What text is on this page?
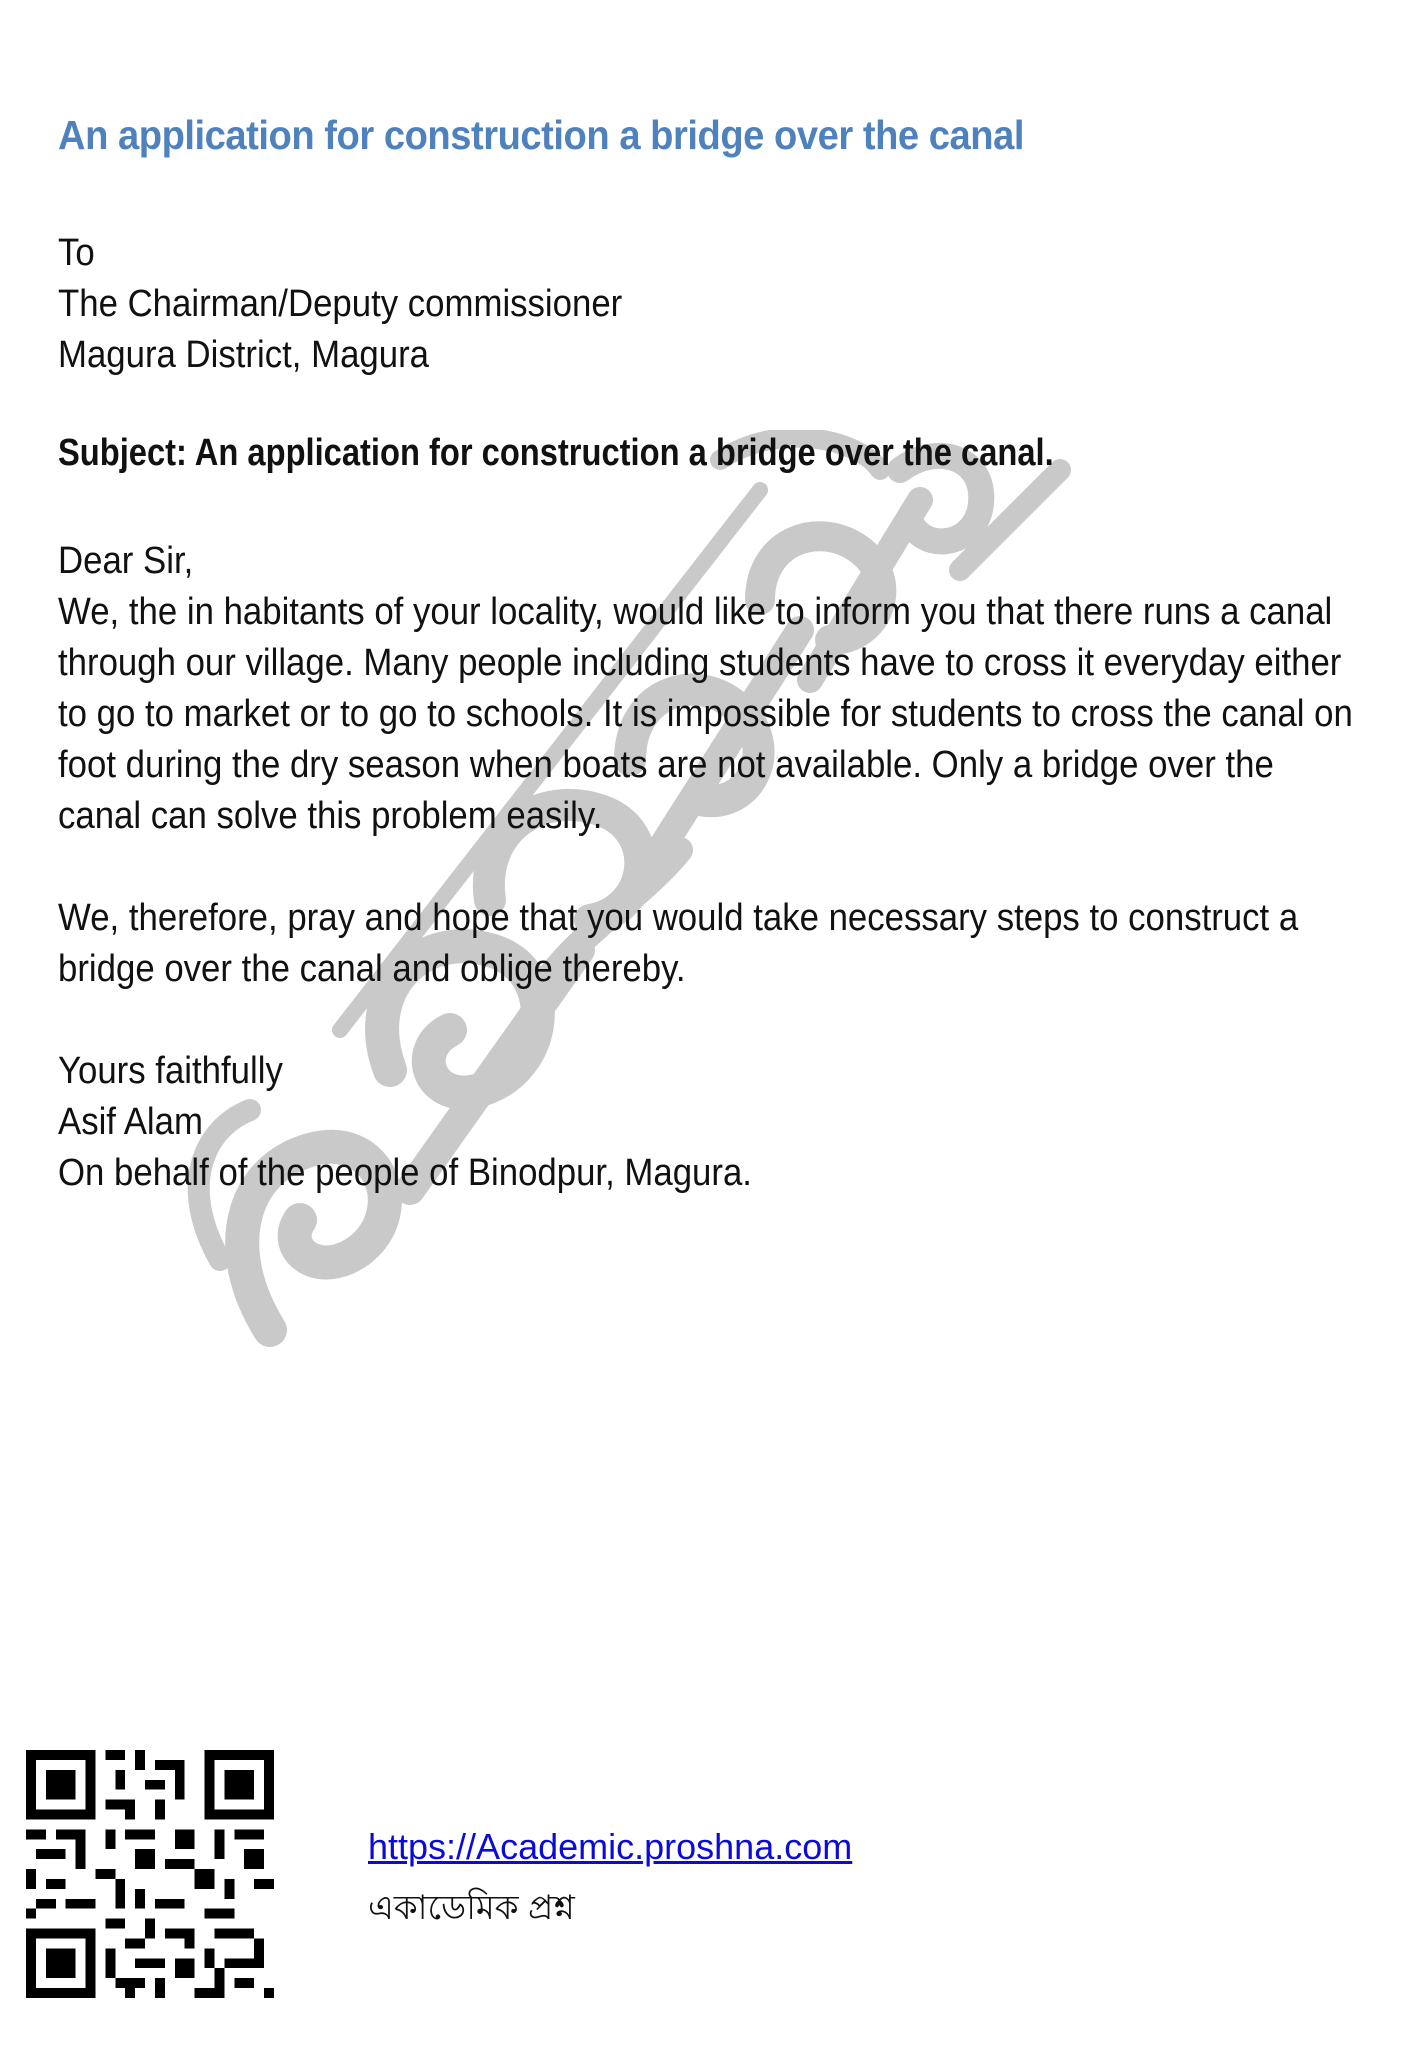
An application for construction a bridge over the canal
To
The Chairman/Deputy commissioner
Magura District, Magura
Subject: An application for construction a bridge over the canal.
Dear Sir,
We, the in habitants of your locality, would like to inform you that there runs a canal
through our village. Many people including students have to cross it everyday either
to go to market or to go to schools. It is impossible for students to cross the canal on
foot during the dry season when boats are not available. Only a bridge over the
canal can solve this problem easily.
We, therefore, pray and hope that you would take necessary steps to construct a
bridge over the canal and oblige thereby.
Yours faithfully
Asif Alam
On behalf of the people of Binodpur, Magura.
https://Academic.proshna.com
একাডেমিক প্রশ্ন
